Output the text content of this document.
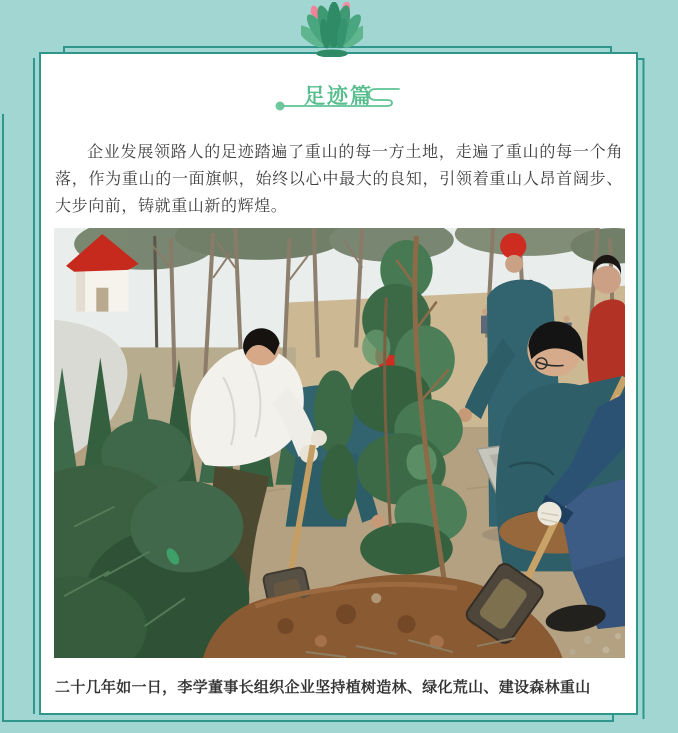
足迹篇

企业发展领路人的足迹踏遍了重山的每一方土地，走遍了重山的每一个角落，作为重山的一面旗帜，始终以心中最大的良知，引领着重山人昂首阔步、大步向前，铸就重山新的辉煌。

二十几年如一日，李学董事长组织企业坚持植树造林、绿化荒山、建设森林重山
